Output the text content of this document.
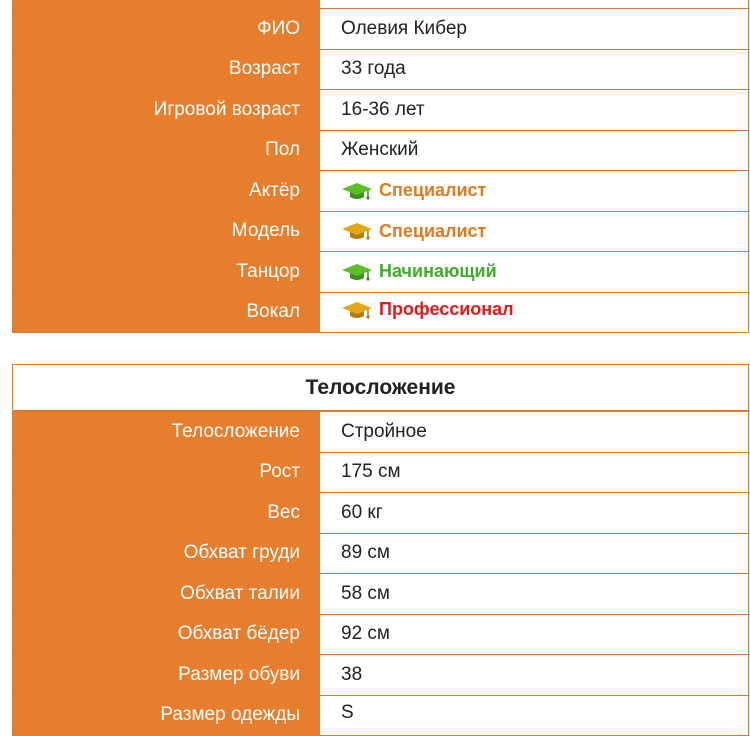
ФИО	Олевия Кибер
Возраст	33 года
Игровой возраст	16-36 лет
Пол	Женский
Актёр	Специалист
Модель	Специалист
Танцор	Начинающий
Вокал	Профессионал
Телосложение
Телосложение	Стройное
Рост	175 см
Вес	60 кг
Обхват груди	89 см
Обхват талии	58 см
Обхват бёдер	92 см
Размер обуви	38
Размер одежды	S
